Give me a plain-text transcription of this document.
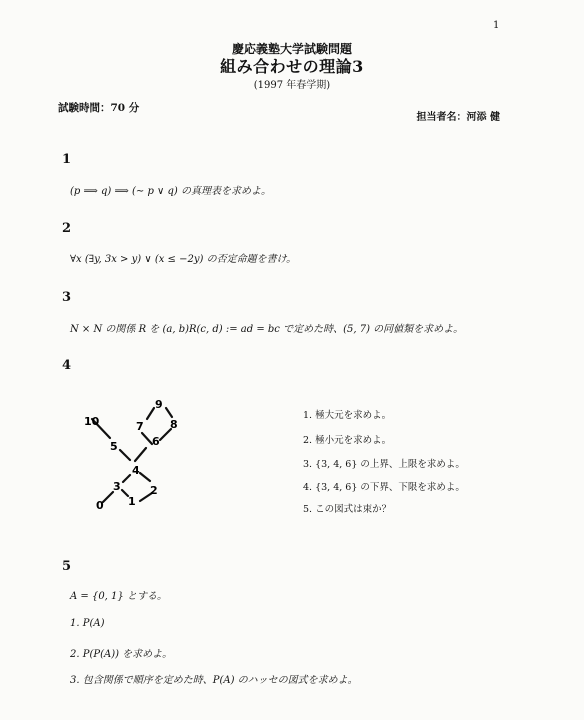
1
慶応義塾大学試験問題
組み合わせの理論3
(1997 年春学期)
試験時間：70 分
担当者名：河添 健
1
(p ⟹ q) ⟹ (∼ p ∨ q) の真理表を求めよ。
2
∀x (∃y, 3x > y) ∨ (x ≤ −2y) の否定命題を書け。
3
N × N の関係 R を (a, b)R(c, d) := ad = bc で定めた時、(5, 7) の同値類を求めよ。
4
10
5
4
6
7 8
9
3	2
1
0
1. 極大元を求めよ。
2. 極小元を求めよ。
3. {3, 4, 6} の上界、上限を求めよ。
4. {3, 4, 6} の下界、下限を求めよ。
5. この図式は束か？
5
A = {0, 1} とする。
1. P(A)
2. P(P(A)) を求めよ。
3. 包含関係で順序を定めた時、P(A) のハッセの図式を求めよ。
